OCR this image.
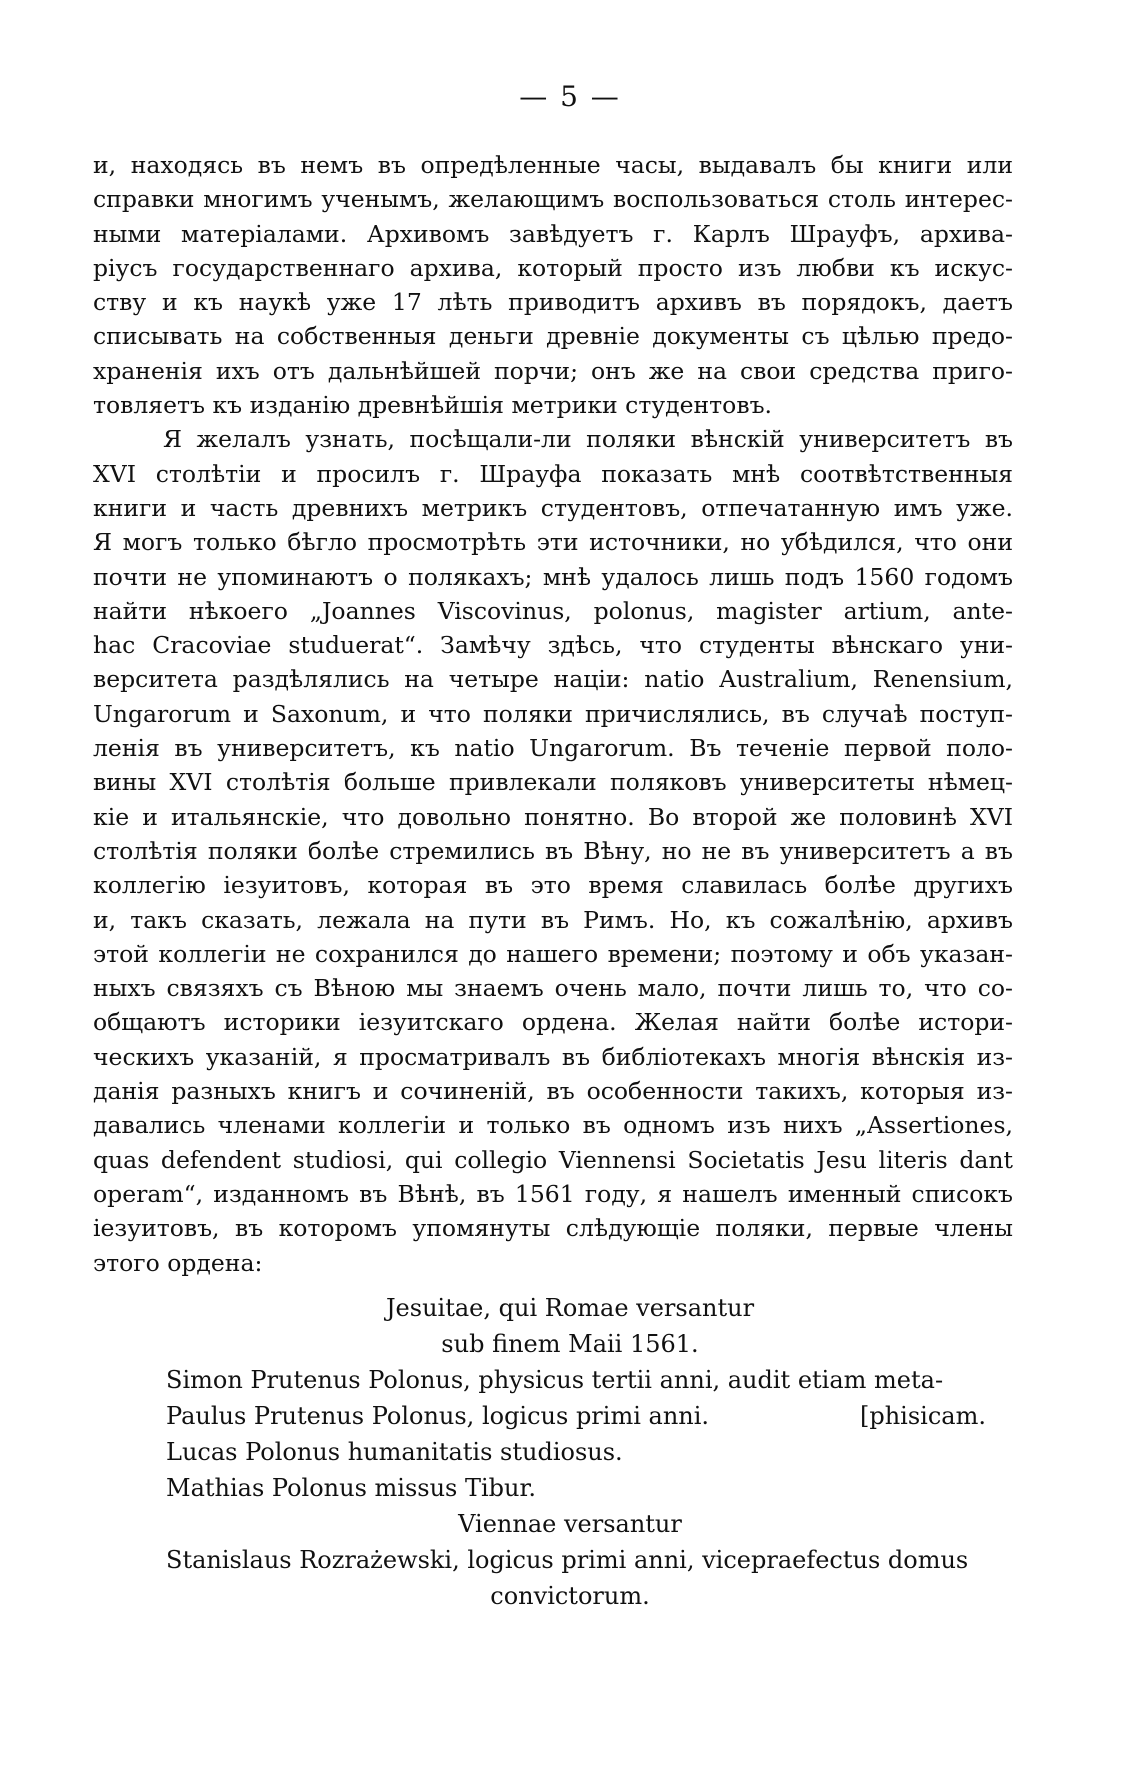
— 5 —
и, находясь въ немъ въ опредѣленные часы, выдавалъ бы книги или
справки многимъ ученымъ, желающимъ воспользоваться столь интерес-
ными матеріалами. Архивомъ завѣдуетъ г. Карлъ Шрауфъ, архива-
ріусъ государственнаго архива, который просто изъ любви къ искус-
ству и къ наукѣ уже 17 лѣть приводитъ архивъ въ порядокъ, даетъ
списывать на собственныя деньги древніе документы съ цѣлью предо-
храненія ихъ отъ дальнѣйшей порчи; онъ же на свои средства приго-
товляетъ къ изданію древнѣйшія метрики студентовъ.
Я желалъ узнать, посѣщали-ли поляки вѣнскій университетъ въ
XVI столѣтіи и просилъ г. Шрауфа показать мнѣ соотвѣтственныя
книги и часть древнихъ метрикъ студентовъ, отпечатанную имъ уже.
Я могъ только бѣгло просмотрѣть эти источники, но убѣдился, что они
почти не упоминаютъ о полякахъ; мнѣ удалось лишь подъ 1560 годомъ
найти нѣкоего „Joannes Viscovinus, polonus, magister artium, ante-
hac Cracoviae studuerat“. Замѣчу здѣсь, что студенты вѣнскаго уни-
верситета раздѣлялись на четыре націи: natio Australium, Renensium,
Ungarorum и Saxonum, и что поляки причислялись, въ случаѣ поступ-
ленія въ университетъ, къ natio Ungarorum. Въ теченіе первой поло-
вины XVI столѣтія больше привлекали поляковъ университеты нѣмец-
кіе и итальянскіе, что довольно понятно. Во второй же половинѣ XVI
столѣтія поляки болѣе стремились въ Вѣну, но не въ университетъ а въ
коллегію іезуитовъ, которая въ это время славилась болѣе другихъ
и, такъ сказать, лежала на пути въ Римъ. Но, къ сожалѣнію, архивъ
этой коллегіи не сохранился до нашего времени; поэтому и объ указан-
ныхъ связяхъ съ Вѣною мы знаемъ очень мало, почти лишь то, что со-
общаютъ историки іезуитскаго ордена. Желая найти болѣе истори-
ческихъ указаній, я просматривалъ въ библіотекахъ многія вѣнскія из-
данія разныхъ книгъ и сочиненій, въ особенности такихъ, которыя из-
давались членами коллегіи и только въ одномъ изъ нихъ „Assertiones,
quas defendent studiosi, qui collegio Viennensi Societatis Jesu literis dant
operam“, изданномъ въ Вѣнѣ, въ 1561 году, я нашелъ именный списокъ
іезуитовъ, въ которомъ упомянуты слѣдующіе поляки, первые члены
этого ордена:
Jesuitae, qui Romae versantur
sub finem Maii 1561.
Simon Prutenus Polonus, physicus tertii anni, audit etiam meta-
Paulus Prutenus Polonus, logicus primi anni.	[phisicam.
Lucas Polonus humanitatis studiosus.
Mathias Polonus missus Tibur.
Viennae versantur
Stanislaus Rozrażewski, logicus primi anni, vicepraefectus domus
convictorum.
